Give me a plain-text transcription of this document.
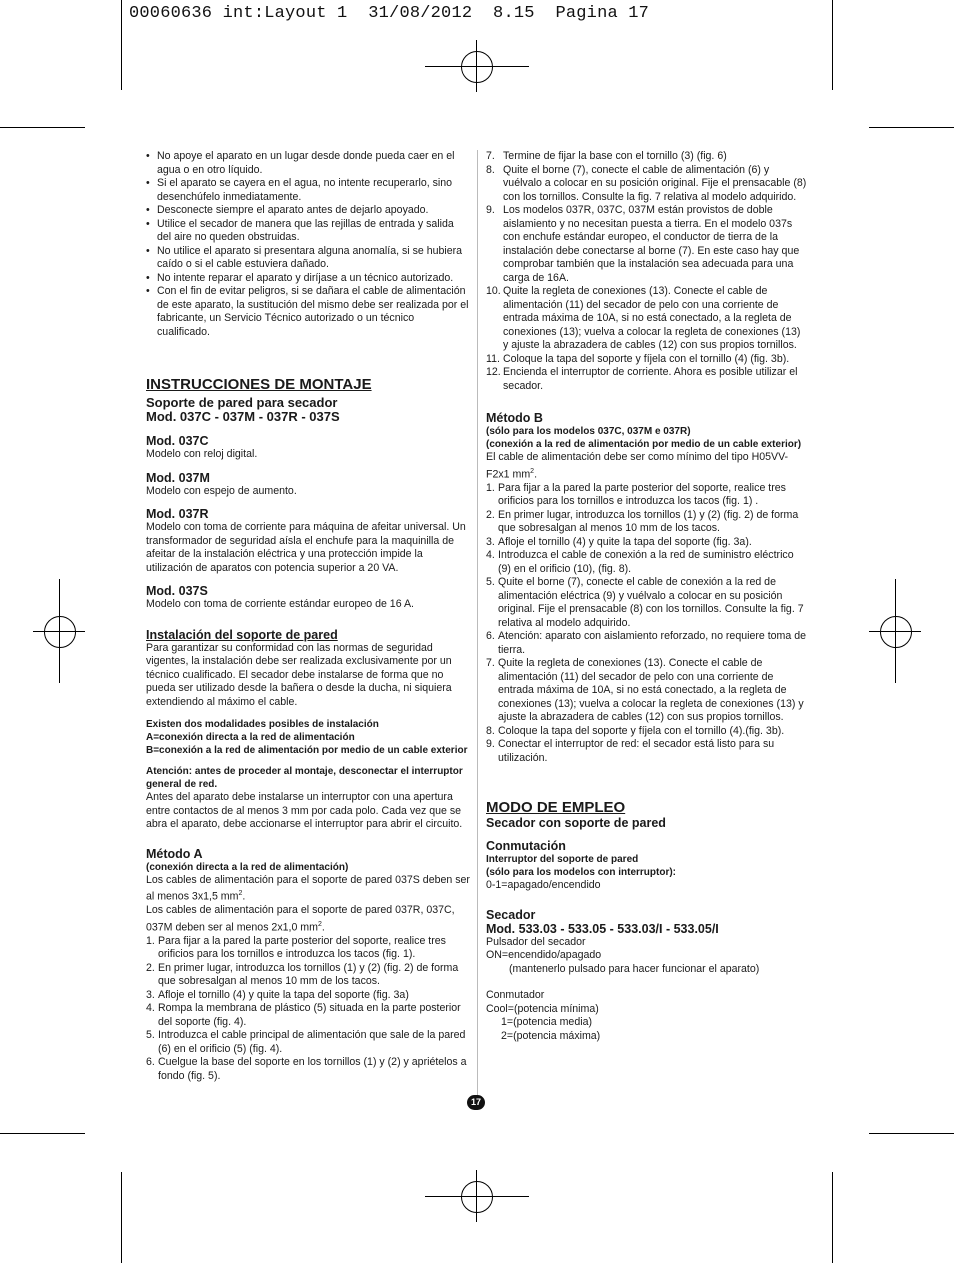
00060636 int:Layout 1  31/08/2012  8.15  Pagina 17
• No apoye el aparato en un lugar desde donde pueda caer en el agua o en otro líquido.
• Si el aparato se cayera en el agua, no intente recuperarlo, sino desenchúfelo inmediatamente.
• Desconecte siempre el aparato antes de dejarlo apoyado.
• Utilice el secador de manera que las rejillas de entrada y salida del aire no queden obstruidas.
• No utilice el aparato si presentara alguna anomalía, si se hubiera caído o si el cable estuviera dañado.
• No intente reparar el aparato y diríjase a un técnico autorizado.
• Con el fin de evitar peligros, si se dañara el cable de alimentación de este aparato, la sustitución del mismo debe ser realizada por el fabricante, un Servicio Técnico autorizado o un técnico cualificado.

INSTRUCCIONES DE MONTAJE

Soporte de pared para secador

Mod. 037C - 037M - 037R - 037S

Mod. 037C

Modelo con reloj digital.

Mod. 037M

Modelo con espejo de aumento.

Mod. 037R

Modelo con toma de corriente para máquina de afeitar universal. Un transformador de seguridad aísla el enchufe para la maquinilla de afeitar de la instalación eléctrica y una protección impide la utilización de aparatos con potencia superior a 20 VA.

Mod. 037S

Modelo con toma de corriente estándar europeo de 16 A.

Instalación del soporte de pared

Para garantizar su conformidad con las normas de seguridad vigentes, la instalación debe ser realizada exclusivamente por un técnico cualificado. El secador debe instalarse de forma que no pueda ser utilizado desde la bañera o desde la ducha, ni siquiera extendiendo al máximo el cable.

Existen dos modalidades posibles de instalación

A=conexión directa a la red de alimentación

B=conexión a la red de alimentación por medio de un cable exterior

Atención: antes de proceder al montaje, desconectar el interruptor general de red.

Antes del aparato debe instalarse un interruptor con una apertura entre contactos de al menos 3 mm por cada polo. Cada vez que se abra el aparato, debe accionarse el interruptor para abrir el circuito.

Método A

(conexión directa a la red de alimentación)

Los cables de alimentación para el soporte de pared 037S deben ser al menos 3x1,5 $mm^2$.

Los cables de alimentación para el soporte de pared 037R, 037C, 037M deben ser al menos 2x1,0 $mm^2$.

1. Para fijar a la pared la parte posterior del soporte, realice tres orificios para los tornillos e introduzca los tacos (fig. 1).
2. En primer lugar, introduzca los tornillos (1) y (2) (fig. 2) de forma que sobresalgan al menos 10 mm de los tacos.
3. Afloje el tornillo (4) y quite la tapa del soporte (fig. 3a)
4. Rompa la membrana de plástico (5) situada en la parte posterior del soporte (fig. 4).
5. Introduzca el cable principal de alimentación que sale de la pared (6) en el orificio (5) (fig. 4).
6. Cuelgue la base del soporte en los tornillos (1) y (2) y apriételos a fondo (fig. 5).
7. Termine de fijar la base con el tornillo (3) (fig. 6)
8. Quite el borne (7), conecte el cable de alimentación (6) y vuélvalo a colocar en su posición original. Fije el prensacable (8) con los tornillos. Consulte la fig. 7 relativa al modelo adquirido.
9. Los modelos 037R, 037C, 037M están provistos de doble aislamiento y no necesitan puesta a tierra. En el modelo 037s con enchufe estándar europeo, el conductor de tierra de la instalación debe conectarse al borne (7). En este caso hay que comprobar también que la instalación sea adecuada para una carga de 16A.
10. Quite la regleta de conexiones (13). Conecte el cable de alimentación (11) del secador de pelo con una corriente de entrada máxima de 10A, si no está conectado, a la regleta de conexiones (13); vuelva a colocar la regleta de conexiones (13) y ajuste la abrazadera de cables (12) con sus propios tornillos.
11. Coloque la tapa del soporte y fíjela con el tornillo (4) (fig. 3b).
12. Encienda el interruptor de corriente. Ahora es posible utilizar el secador.

Método B

(sólo para los modelos 037C, 037M e 037R)

(conexión a la red de alimentación por medio de un cable exterior)

El cable de alimentación debe ser como mínimo del tipo H05VV-F2x1 $mm^2$.

1. Para fijar a la pared la parte posterior del soporte, realice tres orificios para los tornillos e introduzca los tacos (fig. 1) .
2. En primer lugar, introduzca los tornillos (1) y (2) (fig. 2) de forma que sobresalgan al menos 10 mm de los tacos.
3. Afloje el tornillo (4) y quite la tapa del soporte (fig. 3a).
4. Introduzca el cable de conexión a la red de suministro eléctrico (9) en el orificio (10), (fig. 8).
5. Quite el borne (7), conecte el cable de conexión a la red de alimentación eléctrica (9) y vuélvalo a colocar en su posición original. Fije el prensacable (8) con los tornillos. Consulte la fig. 7 relativa al modelo adquirido.
6. Atención: aparato con aislamiento reforzado, no requiere toma de tierra.
7. Quite la regleta de conexiones (13). Conecte el cable de alimentación (11) del secador de pelo con una corriente de entrada máxima de 10A, si no está conectado, a la regleta de conexiones (13); vuelva a colocar la regleta de conexiones (13) y ajuste la abrazadera de cables (12) con sus propios tornillos.
8. Coloque la tapa del soporte y fíjela con el tornillo (4).(fig. 3b).
9. Conectar el interruptor de red: el secador está listo para su utilización.

MODO DE EMPLEO

Secador con soporte de pared

Conmutación

Interruptor del soporte de pared

(sólo para los modelos con interruptor):

0-1=apagado/encendido

Secador

Mod. 533.03 - 533.05 - 533.03/I - 533.05/I

Pulsador del secador

ON=encendido/apagado

(mantenerlo pulsado para hacer funcionar el aparato)

Conmutador

Cool=(potencia mínima)

1=(potencia media)

2=(potencia máxima)

17
